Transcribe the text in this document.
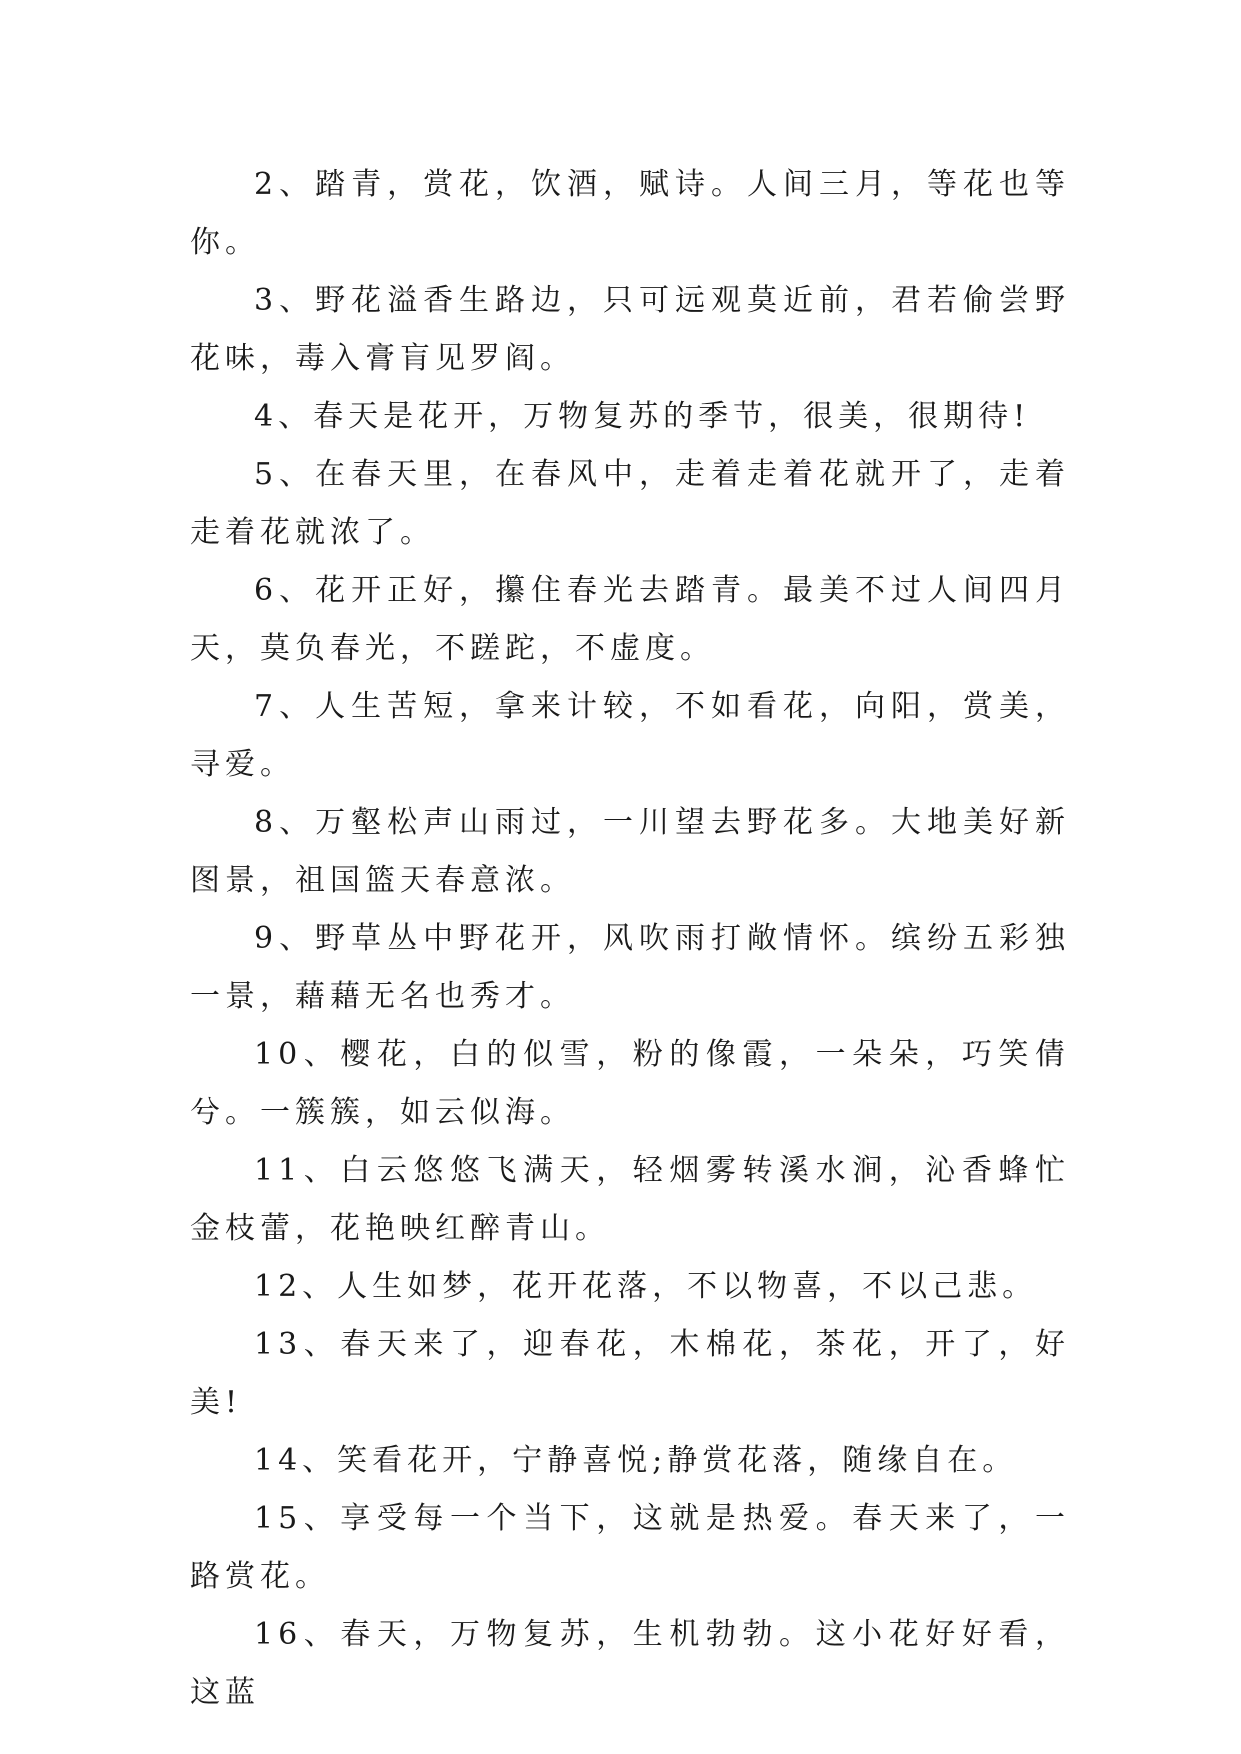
2、踏青，赏花，饮酒，赋诗。人间三月，等花也等你。

3、野花溢香生路边，只可远观莫近前，君若偷尝野花味，毒入膏肓见罗阎。

4、春天是花开，万物复苏的季节，很美，很期待!

5、在春天里，在春风中，走着走着花就开了，走着走着花就浓了。

6、花开正好，攥住春光去踏青。最美不过人间四月天，莫负春光，不蹉跎，不虚度。

7、人生苦短，拿来计较，不如看花，向阳，赏美，寻爱。

8、万壑松声山雨过，一川望去野花多。大地美好新图景，祖国篮天春意浓。

9、野草丛中野花开，风吹雨打敞情怀。缤纷五彩独一景，藉藉无名也秀才。

10、樱花，白的似雪，粉的像霞，一朵朵，巧笑倩兮。一簇簇，如云似海。

11、白云悠悠飞满天，轻烟雾转溪水涧，沁香蜂忙金枝蕾，花艳映红醉青山。

12、人生如梦，花开花落，不以物喜，不以己悲。

13、春天来了，迎春花，木棉花，茶花，开了，好美!

14、笑看花开，宁静喜悦;静赏花落，随缘自在。

15、享受每一个当下，这就是热爱。春天来了，一路赏花。

16、春天，万物复苏，生机勃勃。这小花好好看，这蓝
